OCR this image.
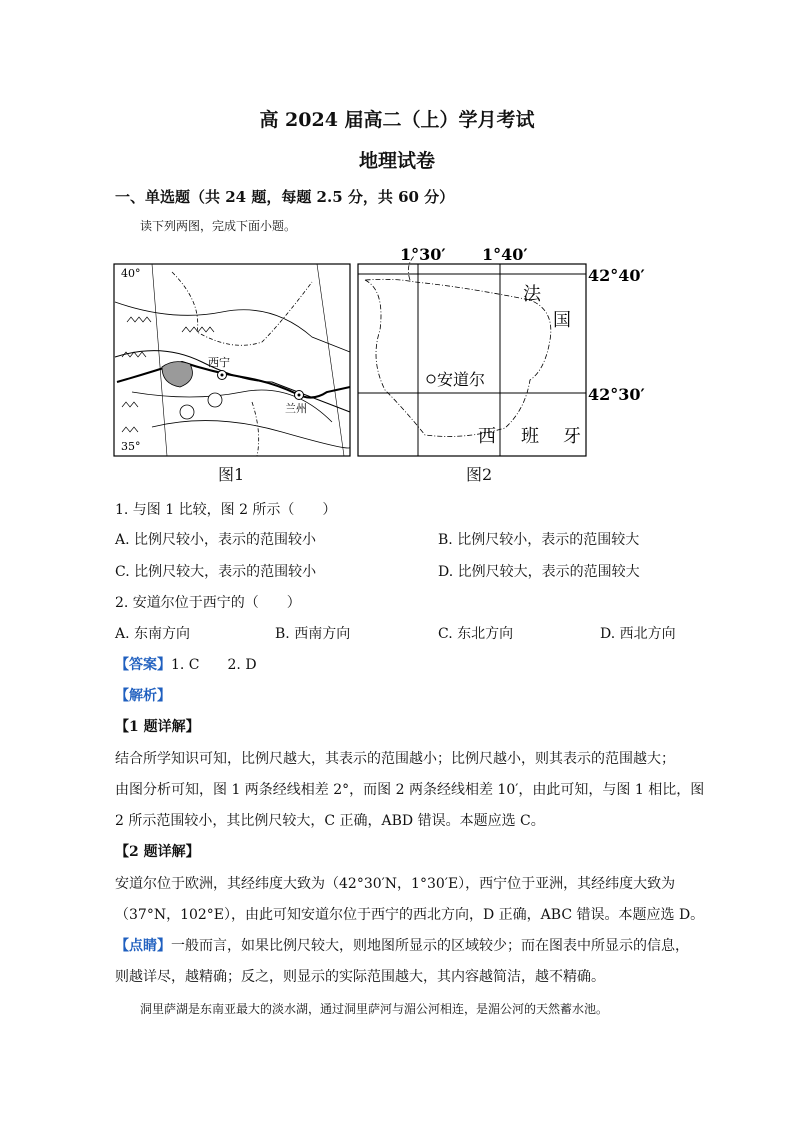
高 2024 届高二（上）学月考试
地理试卷
一、单选题（共 24 题，每题 2.5 分，共 60 分）
读下列两图，完成下面小题。
40°
35°
西宁
兰州
图1
1°30′ 1°40′
42°40′
42°30′
安道尔
法
国
西 班 牙
图2
1. 与图 1 比较，图 2 所示（　　）
A. 比例尺较小，表示的范围较小	B. 比例尺较小，表示的范围较大
C. 比例尺较大，表示的范围较小	D. 比例尺较大，表示的范围较大
2. 安道尔位于西宁的（　　）
A. 东南方向	B. 西南方向	C. 东北方向	D. 西北方向
【答案】1. C　　2. D
【解析】
【1 题详解】
结合所学知识可知，比例尺越大，其表示的范围越小；比例尺越小，则其表示的范围越大；
由图分析可知，图 1 两条经线相差 2°，而图 2 两条经线相差 10′，由此可知，与图 1 相比，图
2 所示范围较小，其比例尺较大，C 正确，ABD 错误。本题应选 C。
【2 题详解】
安道尔位于欧洲，其经纬度大致为（42°30′N，1°30′E），西宁位于亚洲，其经纬度大致为
（37°N，102°E），由此可知安道尔位于西宁的西北方向，D 正确，ABC 错误。本题应选 D。
【点睛】一般而言，如果比例尺较大，则地图所显示的区域较少；而在图表中所显示的信息，
则越详尽，越精确；反之，则显示的实际范围越大，其内容越简洁，越不精确。
洞里萨湖是东南亚最大的淡水湖，通过洞里萨河与湄公河相连，是湄公河的天然蓄水池。
